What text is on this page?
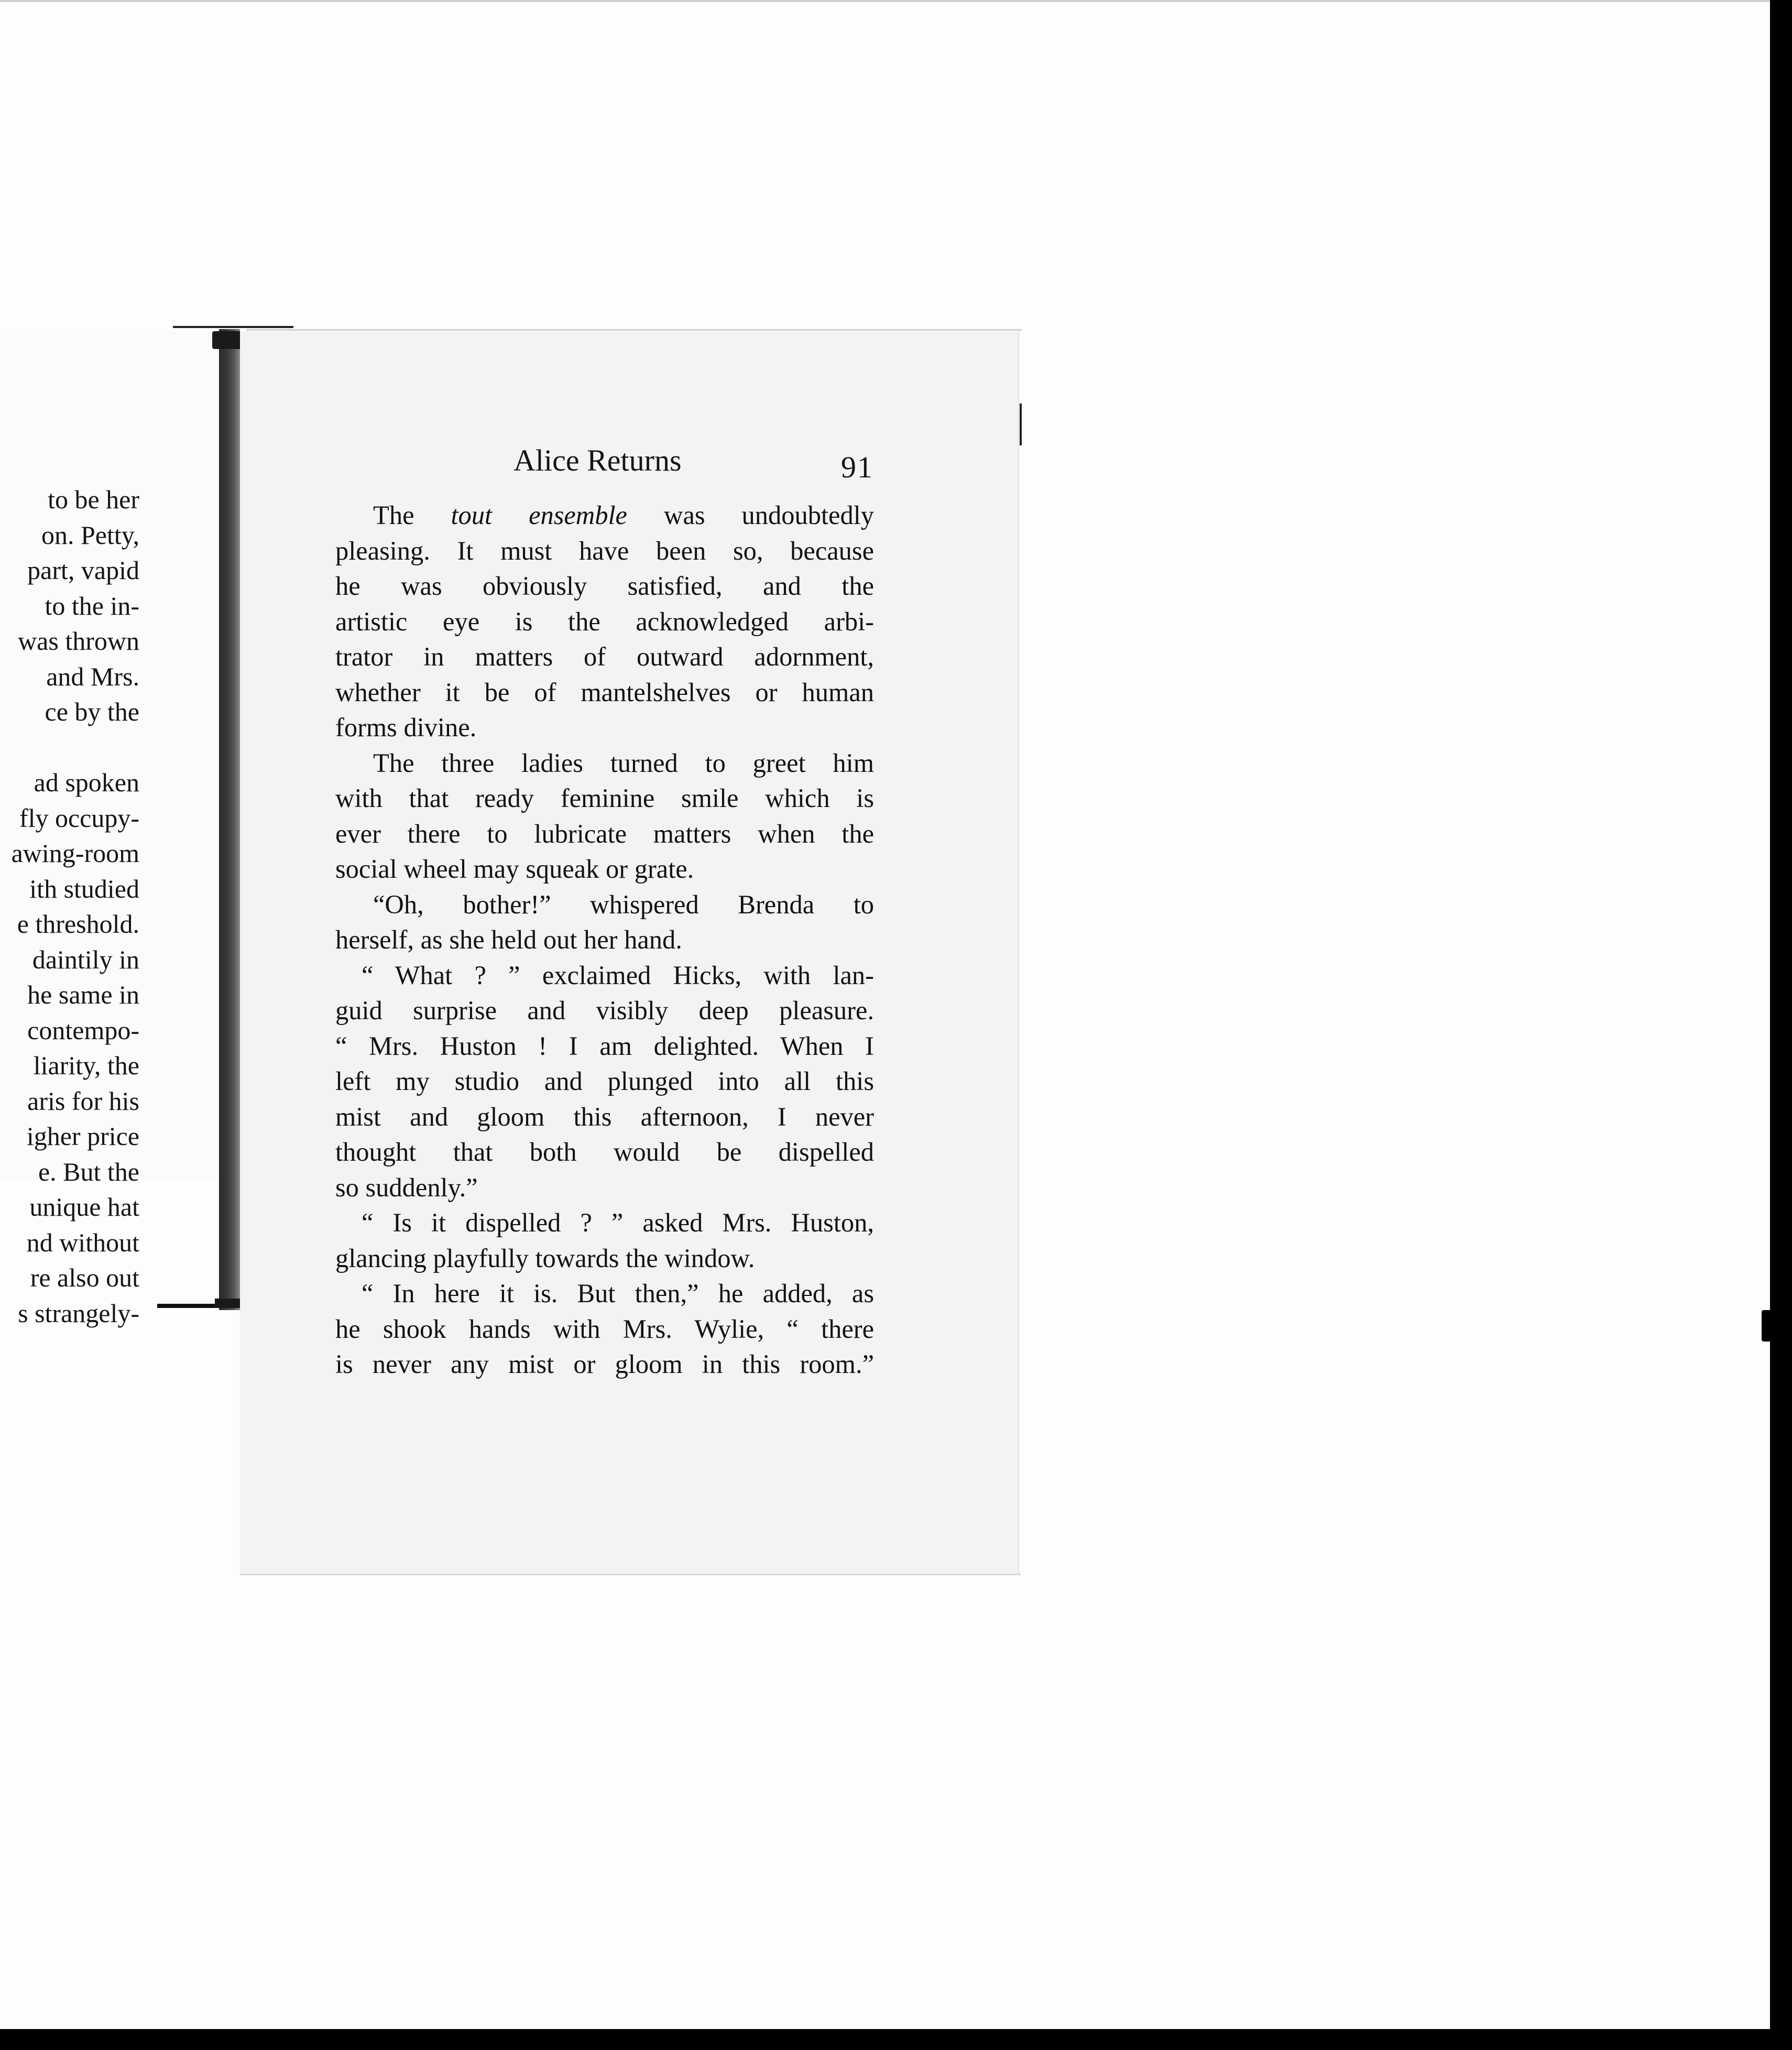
to be her
on. Petty,
part, vapid
to the in-
was thrown
and Mrs.
ce by the
ad spoken
fly occupy-
awing-room
ith studied
e threshold.
daintily in
he same in
contempo-
liarity, the
aris for his
igher price
e. But the
unique hat
nd without
re also out
s strangely-
Alice Returns	91
The tout ensemble was undoubtedly
pleasing. It must have been so, because
he was obviously satisfied, and the
artistic eye is the acknowledged arbi-
trator in matters of outward adornment,
whether it be of mantelshelves or human
forms divine.
The three ladies turned to greet him
with that ready feminine smile which is
ever there to lubricate matters when the
social wheel may squeak or grate.
“Oh, bother!” whispered Brenda to
herself, as she held out her hand.
“ What ? ” exclaimed Hicks, with lan-
guid surprise and visibly deep pleasure.
“ Mrs. Huston ! I am delighted. When I
left my studio and plunged into all this
mist and gloom this afternoon, I never
thought that both would be dispelled
so suddenly.”
“ Is it dispelled ? ” asked Mrs. Huston,
glancing playfully towards the window.
“ In here it is. But then,” he added, as
he shook hands with Mrs. Wylie, “ there
is never any mist or gloom in this room.”
